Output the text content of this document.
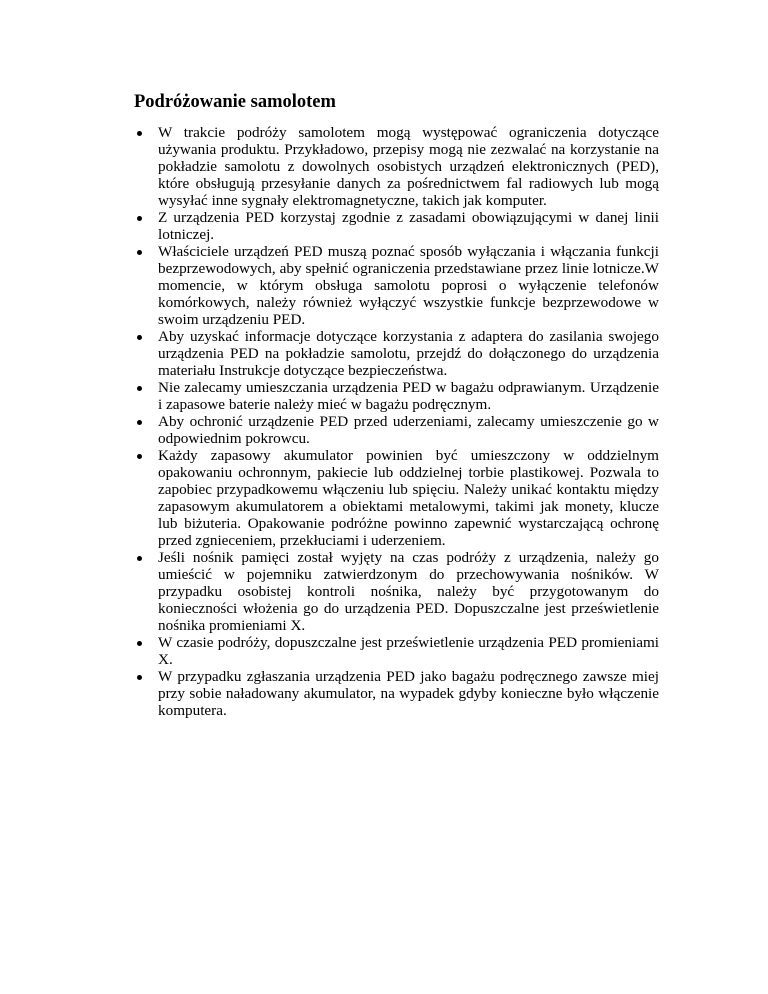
Podróżowanie samolotem
W trakcie podróży samolotem mogą występować ograniczenia dotyczące używania produktu. Przykładowo, przepisy mogą nie zezwalać na korzystanie na pokładzie samolotu z dowolnych osobistych urządzeń elektronicznych (PED), które obsługują przesyłanie danych za pośrednictwem fal radiowych lub mogą wysyłać inne sygnały elektromagnetyczne, takich jak komputer.
Z urządzenia PED korzystaj zgodnie z zasadami obowiązującymi w danej linii lotniczej.
Właściciele urządzeń PED muszą poznać sposób wyłączania i włączania funkcji bezprzewodowych, aby spełnić ograniczenia przedstawiane przez linie lotnicze.W momencie, w którym obsługa samolotu poprosi o wyłączenie telefonów komórkowych, należy również wyłączyć wszystkie funkcje bezprzewodowe w swoim urządzeniu PED.
Aby uzyskać informacje dotyczące korzystania z adaptera do zasilania swojego urządzenia PED na pokładzie samolotu, przejdź do dołączonego do urządzenia materiału Instrukcje dotyczące bezpieczeństwa.
Nie zalecamy umieszczania urządzenia PED w bagażu odprawianym. Urządzenie i zapasowe baterie należy mieć w bagażu podręcznym.
Aby ochronić urządzenie PED przed uderzeniami, zalecamy umieszczenie go w odpowiednim pokrowcu.
Każdy zapasowy akumulator powinien być umieszczony w oddzielnym opakowaniu ochronnym, pakiecie lub oddzielnej torbie plastikowej. Pozwala to zapobiec przypadkowemu włączeniu lub spięciu. Należy unikać kontaktu między zapasowym akumulatorem a obiektami metalowymi, takimi jak monety, klucze lub biżuteria. Opakowanie podróżne powinno zapewnić wystarczającą ochronę przed zgnieceniem, przekłuciami i uderzeniem.
Jeśli nośnik pamięci został wyjęty na czas podróży z urządzenia, należy go umieścić w pojemniku zatwierdzonym do przechowywania nośników. W przypadku osobistej kontroli nośnika, należy być przygotowanym do konieczności włożenia go do urządzenia PED. Dopuszczalne jest prześwietlenie nośnika promieniami X.
W czasie podróży, dopuszczalne jest prześwietlenie urządzenia PED promieniami X.
W przypadku zgłaszania urządzenia PED jako bagażu podręcznego zawsze miej przy sobie naładowany akumulator, na wypadek gdyby konieczne było włączenie komputera.
